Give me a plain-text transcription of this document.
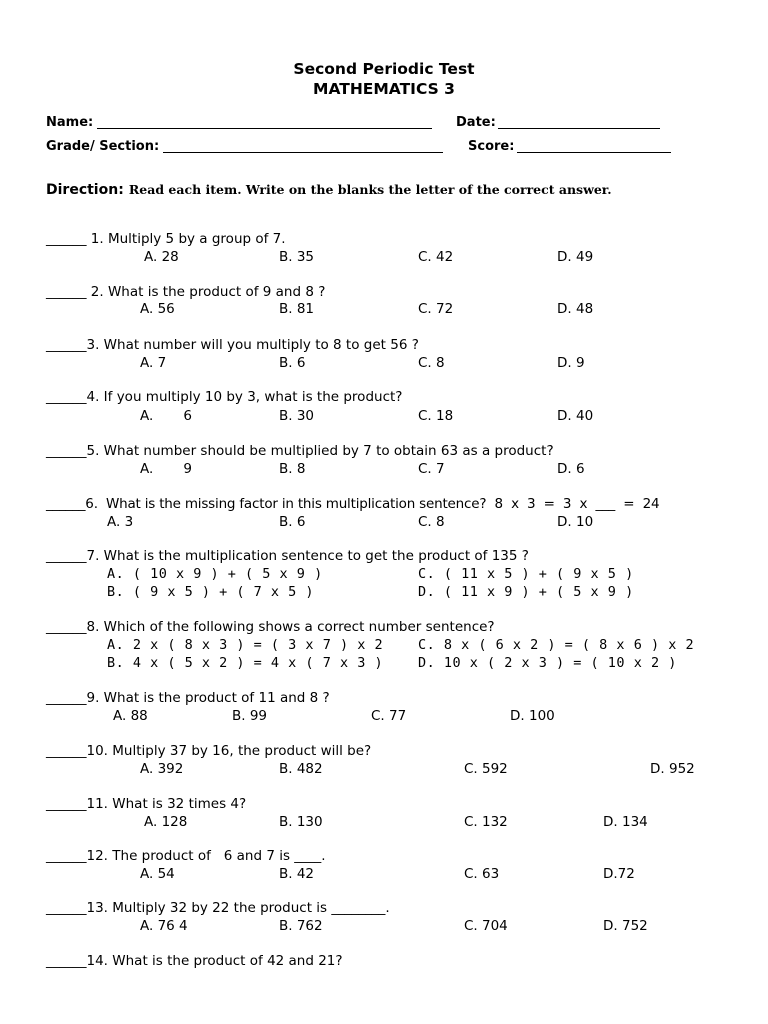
Second Periodic Test
MATHEMATICS 3
Name:	Date:
Grade/ Section:	Score:
Direction: Read each item. Write on the blanks the letter of the correct answer.
______ 1. Multiply 5 by a group of 7.
A. 28	B. 35	C. 42	D. 49
______ 2. What is the product of 9 and 8 ?
A. 56	B. 81	C. 72	D. 48
______3. What number will you multiply to 8 to get 56 ?
A. 7	B. 6	C. 8	D. 9
______4. If you multiply 10 by 3, what is the product?
A.       6	B. 30	C. 18	D. 40
______5. What number should be multiplied by 7 to obtain 63 as a product?
A.       9	B. 8	C. 7	D. 6
______6.  What is the missing factor in this multiplication sentence?  8  x  3  =  3  x  ___  =  24
A. 3	B. 6	C. 8	D. 10
______7. What is the multiplication sentence to get the product of 135 ?
A. ( 10 x 9 ) + ( 5 x 9 )	C. ( 11 x 5 ) + ( 9 x 5 )
B. ( 9 x 5 ) + ( 7 x 5 )	D. ( 11 x 9 ) + ( 5 x 9 )
______8. Which of the following shows a correct number sentence?
A. 2 x ( 8 x 3 ) = ( 3 x 7 ) x 2	C. 8 x ( 6 x 2 ) = ( 8 x 6 ) x 2
B. 4 x ( 5 x 2 ) = 4 x ( 7 x 3 )	D. 10 x ( 2 x 3 ) = ( 10 x 2 )
______9. What is the product of 11 and 8 ?
A. 88	B. 99	C. 77	D. 100
______10. Multiply 37 by 16, the product will be?
A. 392	B. 482	C. 592	D. 952
______11. What is 32 times 4?
A. 128	B. 130	C. 132	D. 134
______12. The product of   6 and 7 is ____.
A. 54	B. 42	C. 63	D.72
______13. Multiply 32 by 22 the product is ________.
A. 76 4	B. 762	C. 704	D. 752
______14. What is the product of 42 and 21?
